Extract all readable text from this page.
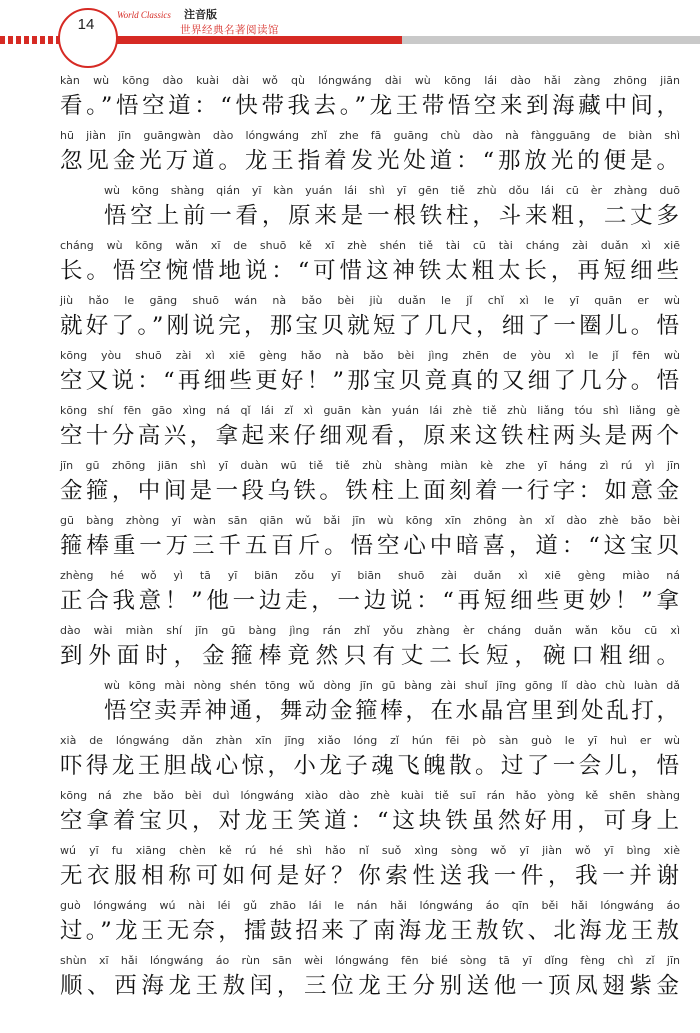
14
World Classics 注音版
世界经典名著阅读馆
kàn wù kōng dào kuài dài wǒ qù lóngwáng dài wù kōng lái dào hǎi zàng zhōng jiān
看。”悟空道：“快带我去。”龙王带悟空来到海藏中间，
hū jiàn jīn guāngwàn dào lóngwáng zhǐ zhe fā guāng chù dào nà fàngguāng de biàn shì
忽见金光万道。龙王指着发光处道：“那放光的便是。
wù kōng shàng qián yī kàn yuán lái shì yī gēn tiě zhù dǒu lái cū èr zhàng duō
悟空上前一看，原来是一根铁柱，斗来粗，二丈多
cháng wù kōng wǎn xī de shuō kě xī zhè shén tiě tài cū tài cháng zài duǎn xì xiē
长。悟空惋惜地说：“可惜这神铁太粗太长，再短细些
jiù hǎo le gāng shuō wán nà bǎo bèi jiù duǎn le jǐ chǐ xì le yī quān er wù
就好了。”刚说完，那宝贝就短了几尺，细了一圈儿。悟
kōng yòu shuō zài xì xiē gèng hǎo nà bǎo bèi jìng zhēn de yòu xì le jǐ fēn wù
空又说：“再细些更好！”那宝贝竟真的又细了几分。悟
kōng shí fēn gāo xìng ná qǐ lái zǐ xì guān kàn yuán lái zhè tiě zhù liǎng tóu shì liǎng gè
空十分高兴，拿起来仔细观看，原来这铁柱两头是两个
jīn gū zhōng jiān shì yī duàn wū tiě tiě zhù shàng miàn kè zhe yī háng zì rú yì jīn
金箍，中间是一段乌铁。铁柱上面刻着一行字：如意金
gū bàng zhòng yī wàn sān qiān wǔ bǎi jīn wù kōng xīn zhōng àn xǐ dào zhè bǎo bèi
箍棒重一万三千五百斤。悟空心中暗喜，道：“这宝贝
zhèng hé wǒ yì tā yī biān zǒu yī biān shuō zài duǎn xì xiē gèng miào ná
正合我意！”他一边走，一边说：“再短细些更妙！”拿
dào wài miàn shí jīn gū bàng jìng rán zhǐ yǒu zhàng èr cháng duǎn wǎn kǒu cū xì
到外面时，金箍棒竟然只有丈二长短，碗口粗细。
wù kōng mài nòng shén tōng wǔ dòng jīn gū bàng zài shuǐ jīng gōng lǐ dào chù luàn dǎ
悟空卖弄神通，舞动金箍棒，在水晶宫里到处乱打，
xià de lóngwáng dǎn zhàn xīn jīng xiǎo lóng zǐ hún fēi pò sàn guò le yī huì er wù
吓得龙王胆战心惊，小龙子魂飞魄散。过了一会儿，悟
kōng ná zhe bǎo bèi duì lóngwáng xiào dào zhè kuài tiě suī rán hǎo yòng kě shēn shàng
空拿着宝贝，对龙王笑道：“这块铁虽然好用，可身上
wú yī fu xiāng chèn kě rú hé shì hǎo nǐ suǒ xìng sòng wǒ yī jiàn wǒ yī bìng xiè
无衣服相称可如何是好？你索性送我一件，我一并谢
guò lóngwáng wú nài léi gǔ zhāo lái le nán hǎi lóngwáng áo qīn běi hǎi lóngwáng áo
过。”龙王无奈，擂鼓招来了南海龙王敖钦、北海龙王敖
shùn xī hǎi lóngwáng áo rùn sān wèi lóngwáng fēn bié sòng tā yī dǐng fèng chì zǐ jīn
顺、西海龙王敖闰，三位龙王分别送他一顶凤翅紫金
